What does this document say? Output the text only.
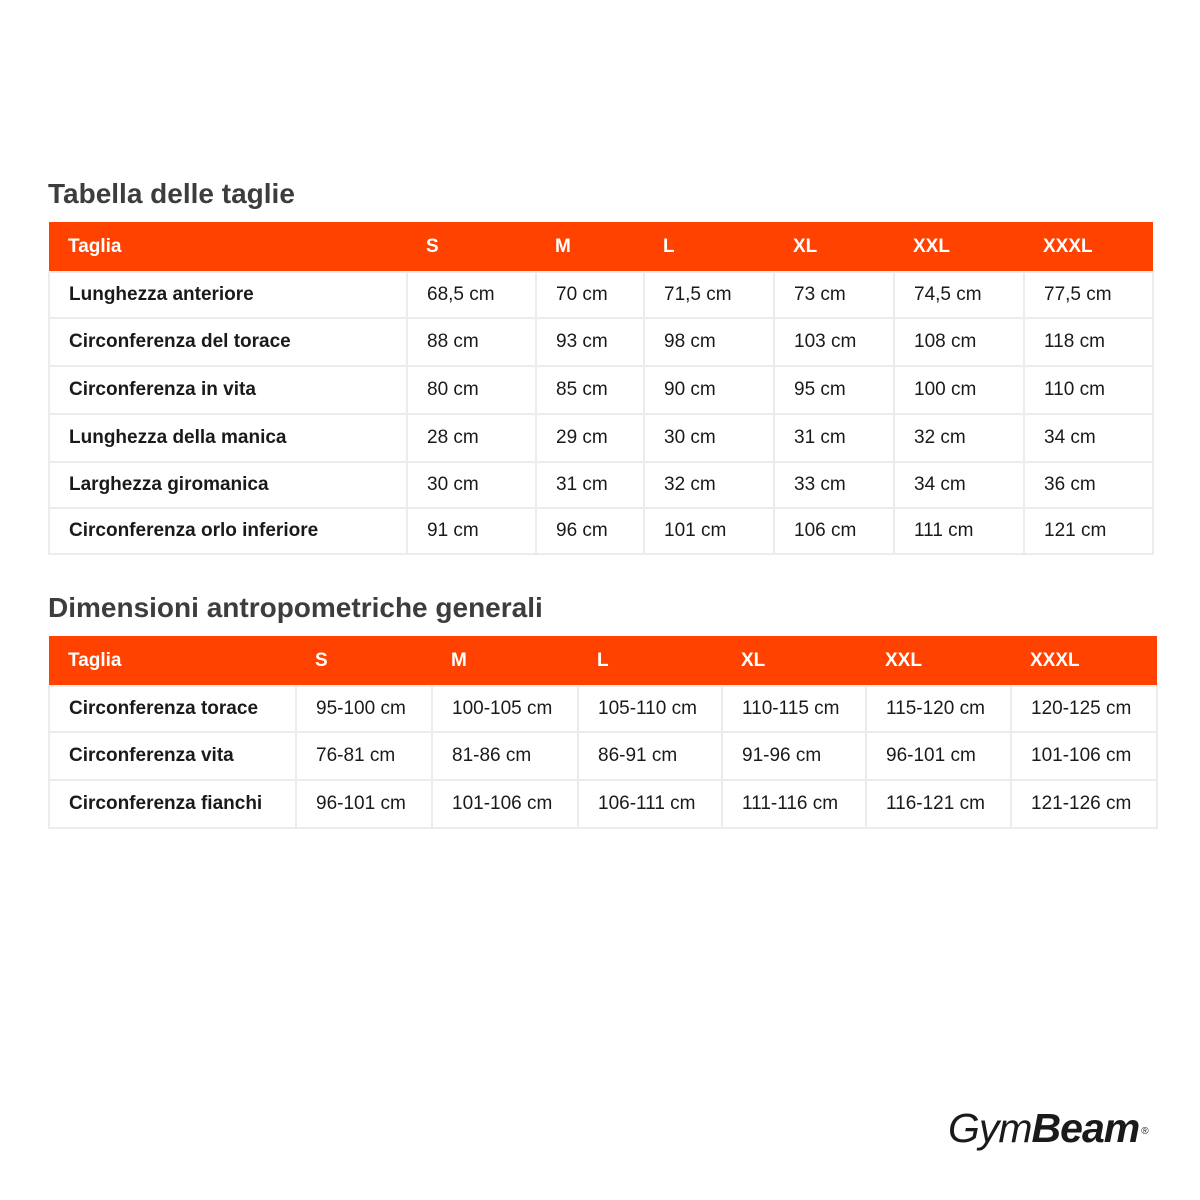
Tabella delle taglie
Taglia	S	M	L	XL	XXL	XXXL
Lunghezza anteriore	68,5 cm	70 cm	71,5 cm	73 cm	74,5 cm	77,5 cm
Circonferenza del torace	88 cm	93 cm	98 cm	103 cm	108 cm	118 cm
Circonferenza in vita	80 cm	85 cm	90 cm	95 cm	100 cm	110 cm
Lunghezza della manica	28 cm	29 cm	30 cm	31 cm	32 cm	34 cm
Larghezza giromanica	30 cm	31 cm	32 cm	33 cm	34 cm	36 cm
Circonferenza orlo inferiore	91 cm	96 cm	101 cm	106 cm	111 cm	121 cm
Dimensioni antropometriche generali
Taglia	S	M	L	XL	XXL	XXXL
Circonferenza torace	95-100 cm	100-105 cm	105-110 cm	110-115 cm	115-120 cm	120-125 cm
Circonferenza vita	76-81 cm	81-86 cm	86-91 cm	91-96 cm	96-101 cm	101-106 cm
Circonferenza fianchi	96-101 cm	101-106 cm	106-111 cm	111-116 cm	116-121 cm	121-126 cm
GymBeam ®
